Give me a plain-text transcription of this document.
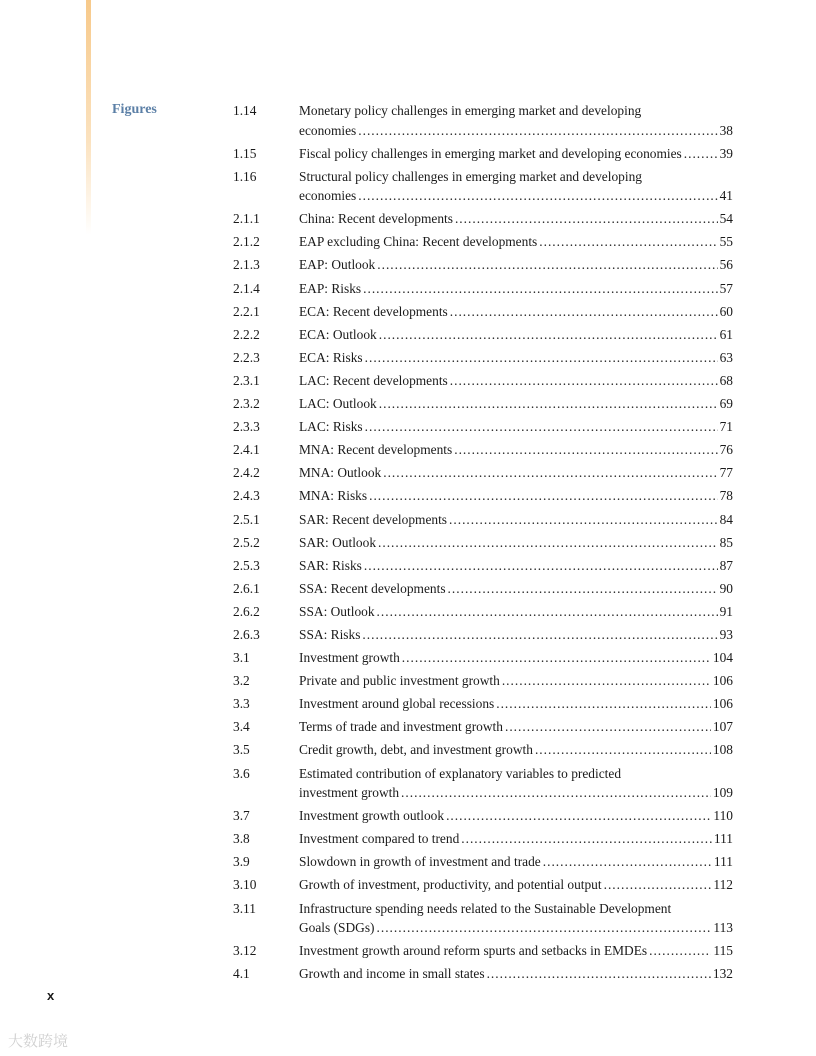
Figures	1.14	Monetary policy challenges in emerging market and developing
economies .....	38
1.15	Fiscal policy challenges in emerging market and developing economies .....	39
1.16	Structural policy challenges in emerging market and developing
economies .....	41
2.1.1	China: Recent developments .....	54
2.1.2	EAP excluding China: Recent developments .....	55
2.1.3	EAP: Outlook .....	56
2.1.4	EAP: Risks .....	57
2.2.1	ECA: Recent developments .....	60
2.2.2	ECA: Outlook .....	61
2.2.3	ECA: Risks .....	63
2.3.1	LAC: Recent developments .....	68
2.3.2	LAC: Outlook .....	69
2.3.3	LAC: Risks .....	71
2.4.1	MNA: Recent developments .....	76
2.4.2	MNA: Outlook .....	77
2.4.3	MNA: Risks .....	78
2.5.1	SAR: Recent developments .....	84
2.5.2	SAR: Outlook .....	85
2.5.3	SAR: Risks .....	87
2.6.1	SSA: Recent developments .....	90
2.6.2	SSA: Outlook .....	91
2.6.3	SSA: Risks .....	93
3.1	Investment growth .....	104
3.2	Private and public investment growth .....	106
3.3	Investment around global recessions .....	106
3.4	Terms of trade and investment growth .....	107
3.5	Credit growth, debt, and investment growth .....	108
3.6	Estimated contribution of explanatory variables to predicted
investment growth .....	109
3.7	Investment growth outlook .....	110
3.8	Investment compared to trend .....	111
3.9	Slowdown in growth of investment and trade .....	111
3.10	Growth of investment, productivity, and potential output .....	112
3.11	Infrastructure spending needs related to the Sustainable Development
Goals (SDGs) .....	113
3.12	Investment growth around reform spurts and setbacks in EMDEs .....	115
4.1	Growth and income in small states .....	132
x
大数跨境
